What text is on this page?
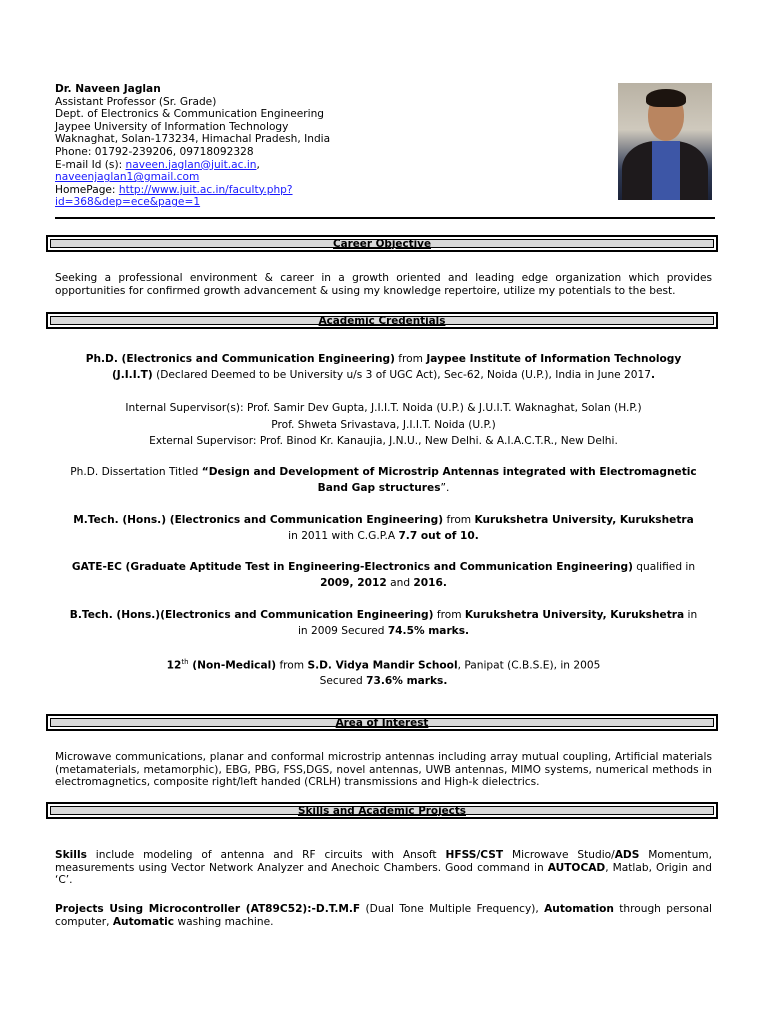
Dr. Naveen Jaglan
Assistant Professor (Sr. Grade)
Dept. of Electronics & Communication Engineering
Jaypee University of Information Technology
Waknaghat, Solan-173234, Himachal Pradesh, India
Phone: 01792-239206, 09718092328
E-mail Id (s): naveen.jaglan@juit.ac.in,
naveenjaglan1@gmail.com
HomePage: http://www.juit.ac.in/faculty.php?
id=368&dep=ece&page=1
Career Objective
Seeking a professional environment & career in a growth oriented and leading edge organization which provides opportunities for confirmed growth advancement & using my knowledge repertoire, utilize my potentials to the best.
Academic Credentials
Ph.D. (Electronics and Communication Engineering) from Jaypee Institute of Information Technology
(J.I.I.T) (Declared Deemed to be University u/s 3 of UGC Act), Sec-62, Noida (U.P.), India in June 2017.
Internal Supervisor(s): Prof. Samir Dev Gupta, J.I.I.T. Noida (U.P.) & J.U.I.T. Waknaghat, Solan (H.P.)
Prof. Shweta Srivastava, J.I.I.T. Noida (U.P.)
External Supervisor: Prof. Binod Kr. Kanaujia, J.N.U., New Delhi. & A.I.A.C.T.R., New Delhi.
Ph.D. Dissertation Titled “Design and Development of Microstrip Antennas integrated with Electromagnetic Band Gap structures”.
M.Tech. (Hons.) (Electronics and Communication Engineering) from Kurukshetra University, Kurukshetra
in 2011 with C.G.P.A 7.7 out of 10.
GATE-EC (Graduate Aptitude Test in Engineering-Electronics and Communication Engineering) qualified in
2009, 2012 and 2016.
B.Tech. (Hons.)(Electronics and Communication Engineering) from Kurukshetra University, Kurukshetra in
in 2009 Secured 74.5% marks.
12th (Non-Medical) from S.D. Vidya Mandir School, Panipat (C.B.S.E), in 2005
Secured 73.6% marks.
Area of Interest
Microwave communications, planar and conformal microstrip antennas including array mutual coupling, Artificial materials (metamaterials, metamorphic), EBG, PBG, FSS,DGS, novel antennas, UWB antennas, MIMO systems, numerical methods in electromagnetics, composite right/left handed (CRLH) transmissions and High-k dielectrics.
Skills and Academic Projects
Skills include modeling of antenna and RF circuits with Ansoft HFSS/CST Microwave Studio/ADS Momentum, measurements using Vector Network Analyzer and Anechoic Chambers. Good command in AUTOCAD, Matlab, Origin and ‘C’.
Projects Using Microcontroller (AT89C52):-D.T.M.F (Dual Tone Multiple Frequency), Automation through personal computer, Automatic washing machine.
